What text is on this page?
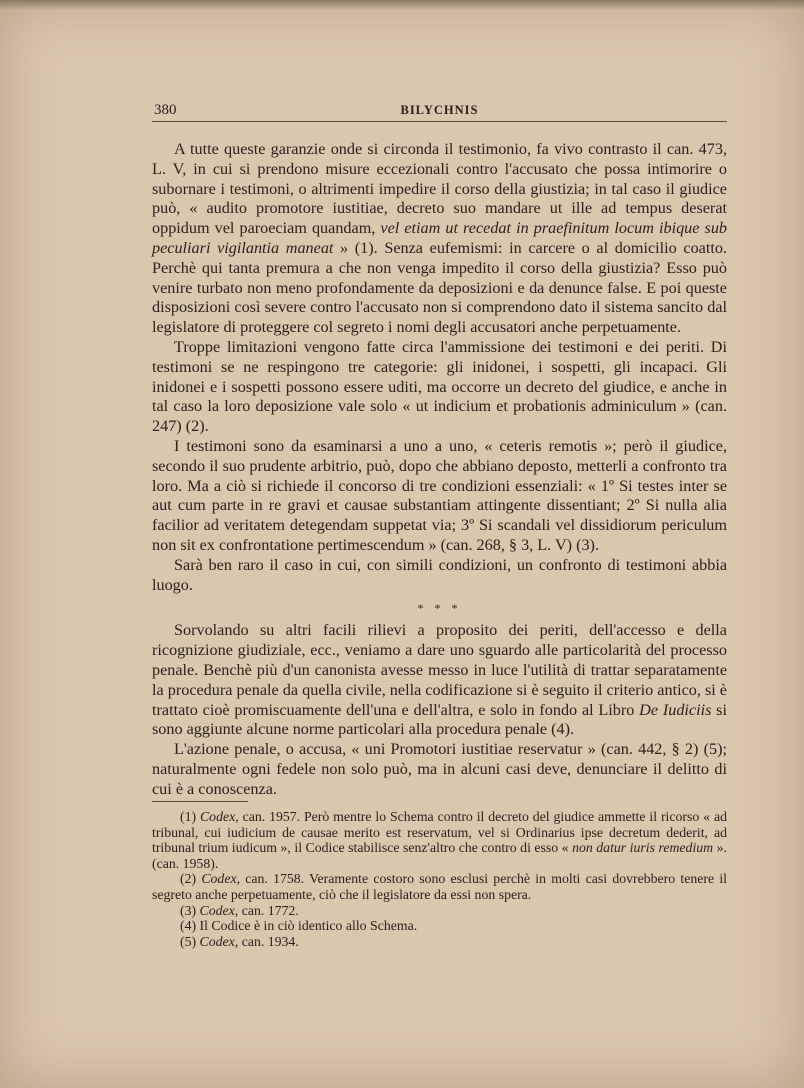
380	BILYCHNIS

A tutte queste garanzie onde si circonda il testimonio, fa vivo contrasto il can. 473, L. V, in cui si prendono misure eccezionali contro l'accusato che possa intimorire o subornare i testimoni, o altrimenti impedire il corso della giustizia; in tal caso il giudice può, « audito promotore iustitiae, decreto suo mandare ut ille ad tempus deserat oppidum vel paroeciam quandam, vel etiam ut recedat in praefinitum locum ibique sub peculiari vigilantia maneat » (1). Senza eufemismi: in carcere o al domicilio coatto. Perchè qui tanta premura a che non venga impedito il corso della giustizia? Esso può venire turbato non meno profondamente da deposizioni e da denunce false. E poi queste disposizioni così severe contro l'accusato non si comprendono dato il sistema sancito dal legislatore di proteggere col segreto i nomi degli accusatori anche perpetuamente.

Troppe limitazioni vengono fatte circa l'ammissione dei testimoni e dei periti. Di testimoni se ne respingono tre categorie: gli inidonei, i sospetti, gli incapaci. Gli inidonei e i sospetti possono essere uditi, ma occorre un decreto del giudice, e anche in tal caso la loro deposizione vale solo « ut indicium et probationis adminiculum » (can. 247) (2).

I testimoni sono da esaminarsi a uno a uno, « ceteris remotis »; però il giudice, secondo il suo prudente arbitrio, può, dopo che abbiano deposto, metterli a confronto tra loro. Ma a ciò si richiede il concorso di tre condizioni essenziali: « 1º Si testes inter se aut cum parte in re gravi et causae substantiam attingente dissentiant; 2º Si nulla alia facilior ad veritatem detegendam suppetat via; 3º Si scandali vel dissidiorum periculum non sit ex confrontatione pertimescendum » (can. 268, § 3, L. V) (3).

Sarà ben raro il caso in cui, con simili condizioni, un confronto di testimoni abbia luogo.

* * *

Sorvolando su altri facili rilievi a proposito dei periti, dell'accesso e della ricognizione giudiziale, ecc., veniamo a dare uno sguardo alle particolarità del processo penale. Benchè più d'un canonista avesse messo in luce l'utilità di trattar separatamente la procedura penale da quella civile, nella codificazione si è seguito il criterio antico, si è trattato cioè promiscuamente dell'una e dell'altra, e solo in fondo al Libro De Iudiciis si sono aggiunte alcune norme particolari alla procedura penale (4).

L'azione penale, o accusa, « uni Promotori iustitiae reservatur » (can. 442, § 2) (5); naturalmente ogni fedele non solo può, ma in alcuni casi deve, denunciare il delitto di cui è a conoscenza.

(1) Codex, can. 1957. Però mentre lo Schema contro il decreto del giudice ammette il ricorso « ad tribunal, cui iudicium de causae merito est reservatum, vel si Ordinarius ipse decretum dederit, ad tribunal trium iudicum », il Codice stabilisce senz'altro che contro di esso « non datur iuris remedium ». (can. 1958).

(2) Codex, can. 1758. Veramente costoro sono esclusi perchè in molti casi dovrebbero tenere il segreto anche perpetuamente, ciò che il legislatore da essi non spera.

(3) Codex, can. 1772.

(4) Il Codice è in ciò identico allo Schema.

(5) Codex, can. 1934.
